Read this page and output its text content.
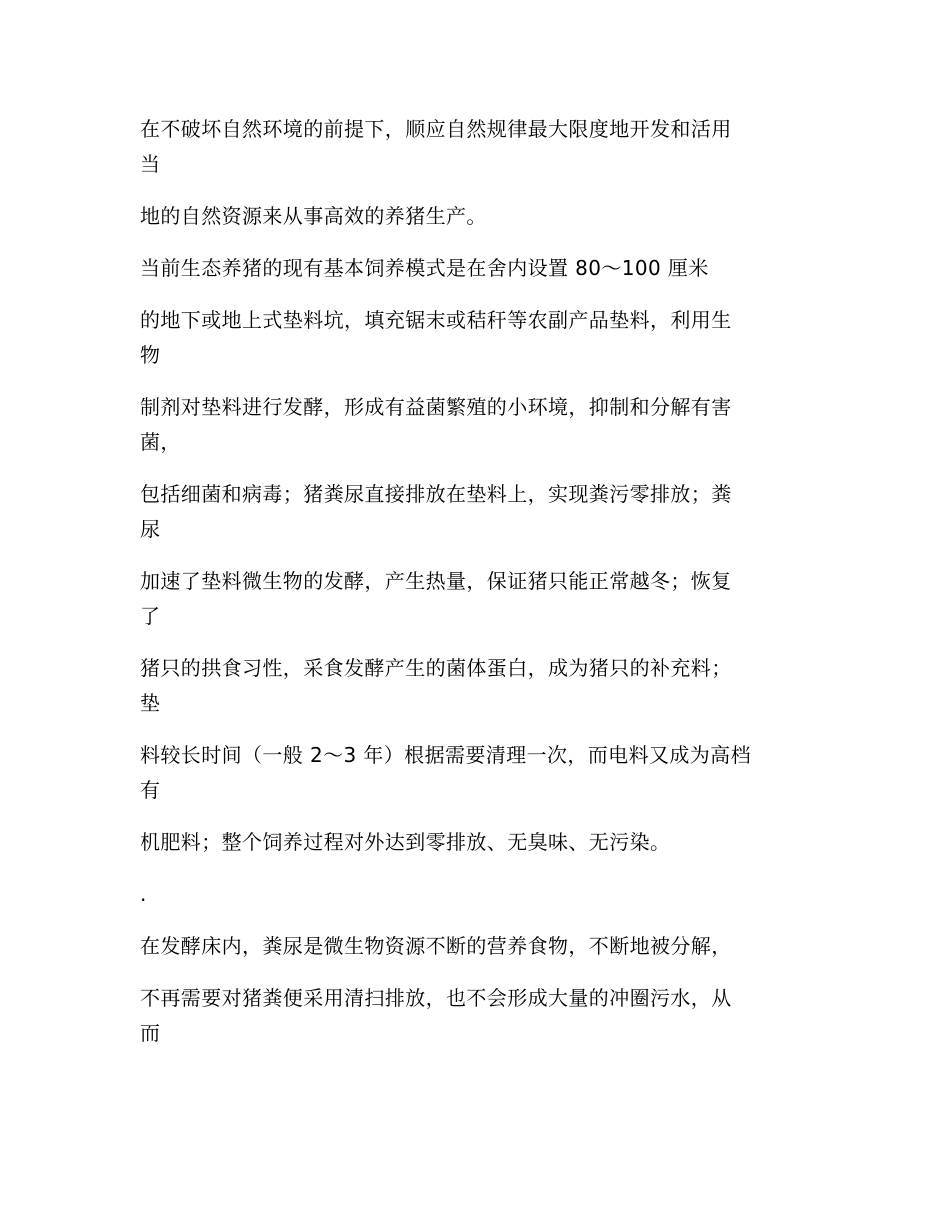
在不破坏自然环境的前提下，顺应自然规律最大限度地开发和活用
当

地的自然资源来从事高效的养猪生产。

当前生态养猪的现有基本饲养模式是在舍内设置 80～100 厘米

的地下或地上式垫料坑，填充锯末或秸秆等农副产品垫料，利用生
物

制剂对垫料进行发酵，形成有益菌繁殖的小环境，抑制和分解有害
菌，

包括细菌和病毒；猪粪尿直接排放在垫料上，实现粪污零排放；粪
尿

加速了垫料微生物的发酵，产生热量，保证猪只能正常越冬；恢复
了

猪只的拱食习性，采食发酵产生的菌体蛋白，成为猪只的补充料；
垫

料较长时间（一般 2～3 年）根据需要清理一次，而电料又成为高档
有

机肥料；整个饲养过程对外达到零排放、无臭味、无污染。

.

在发酵床内，粪尿是微生物资源不断的营养食物，不断地被分解，

不再需要对猪粪便采用清扫排放，也不会形成大量的冲圈污水，从
而
